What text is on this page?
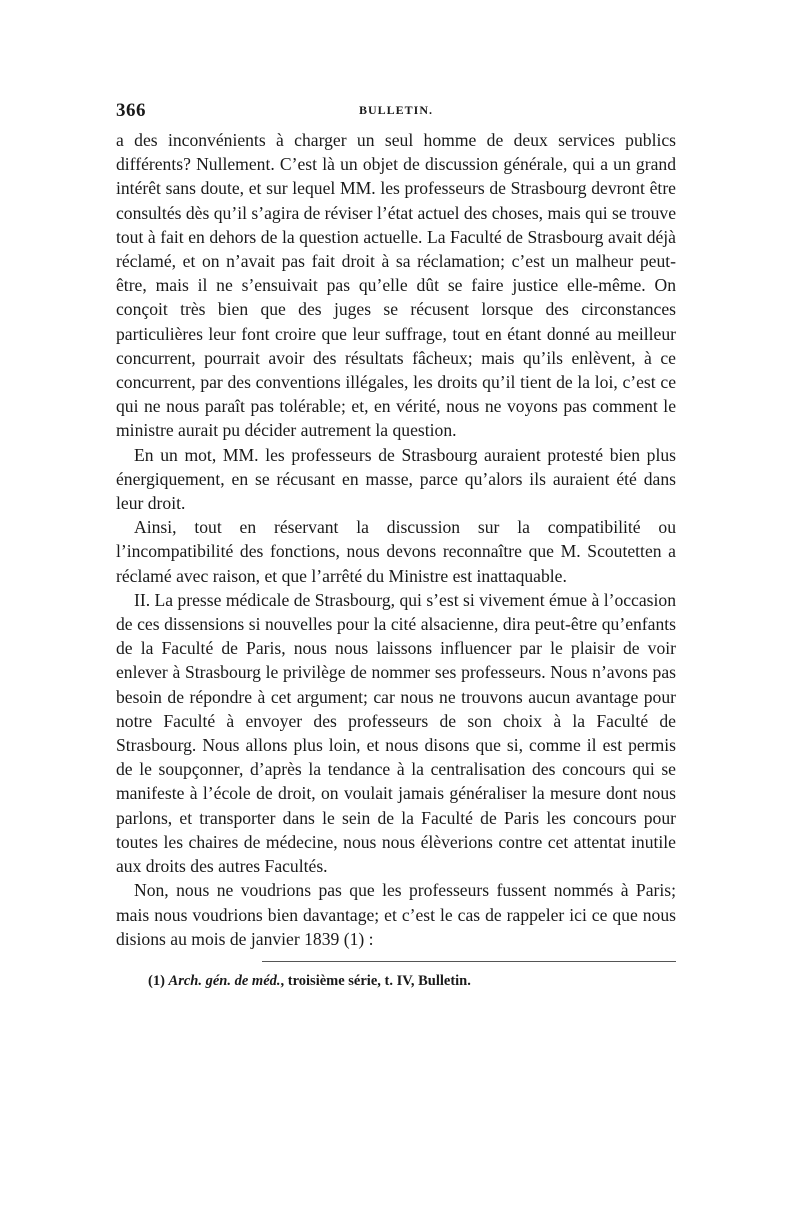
366	BULLETIN.

a des inconvénients à charger un seul homme de deux services publics différents? Nullement. C’est là un objet de discussion générale, qui a un grand intérêt sans doute, et sur lequel MM. les professeurs de Strasbourg devront être consultés dès qu’il s’agira de réviser l’état actuel des choses, mais qui se trouve tout à fait en dehors de la question actuelle. La Faculté de Strasbourg avait déjà réclamé, et on n’avait pas fait droit à sa réclamation; c’est un malheur peut-être, mais il ne s’ensuivait pas qu’elle dût se faire justice elle-même. On conçoit très bien que des juges se récusent lorsque des circonstances particulières leur font croire que leur suffrage, tout en étant donné au meilleur concurrent, pourrait avoir des résultats fâcheux; mais qu’ils enlèvent, à ce concurrent, par des conventions illégales, les droits qu’il tient de la loi, c’est ce qui ne nous paraît pas tolérable; et, en vérité, nous ne voyons pas comment le ministre aurait pu décider autrement la question.

En un mot, MM. les professeurs de Strasbourg auraient protesté bien plus énergiquement, en se récusant en masse, parce qu’alors ils auraient été dans leur droit.

Ainsi, tout en réservant la discussion sur la compatibilité ou l’incompatibilité des fonctions, nous devons reconnaître que M. Scoutetten a réclamé avec raison, et que l’arrêté du Ministre est inattaquable.

II. La presse médicale de Strasbourg, qui s’est si vivement émue à l’occasion de ces dissensions si nouvelles pour la cité alsacienne, dira peut-être qu’enfants de la Faculté de Paris, nous nous laissons influencer par le plaisir de voir enlever à Strasbourg le privilège de nommer ses professeurs. Nous n’avons pas besoin de répondre à cet argument; car nous ne trouvons aucun avantage pour notre Faculté à envoyer des professeurs de son choix à la Faculté de Strasbourg. Nous allons plus loin, et nous disons que si, comme il est permis de le soupçonner, d’après la tendance à la centralisation des concours qui se manifeste à l’école de droit, on voulait jamais généraliser la mesure dont nous parlons, et transporter dans le sein de la Faculté de Paris les concours pour toutes les chaires de médecine, nous nous élèverions contre cet attentat inutile aux droits des autres Facultés.

Non, nous ne voudrions pas que les professeurs fussent nommés à Paris; mais nous voudrions bien davantage; et c’est le cas de rappeler ici ce que nous disions au mois de janvier 1839 (1) :

(1) Arch. gén. de méd., troisième série, t. IV, Bulletin.
